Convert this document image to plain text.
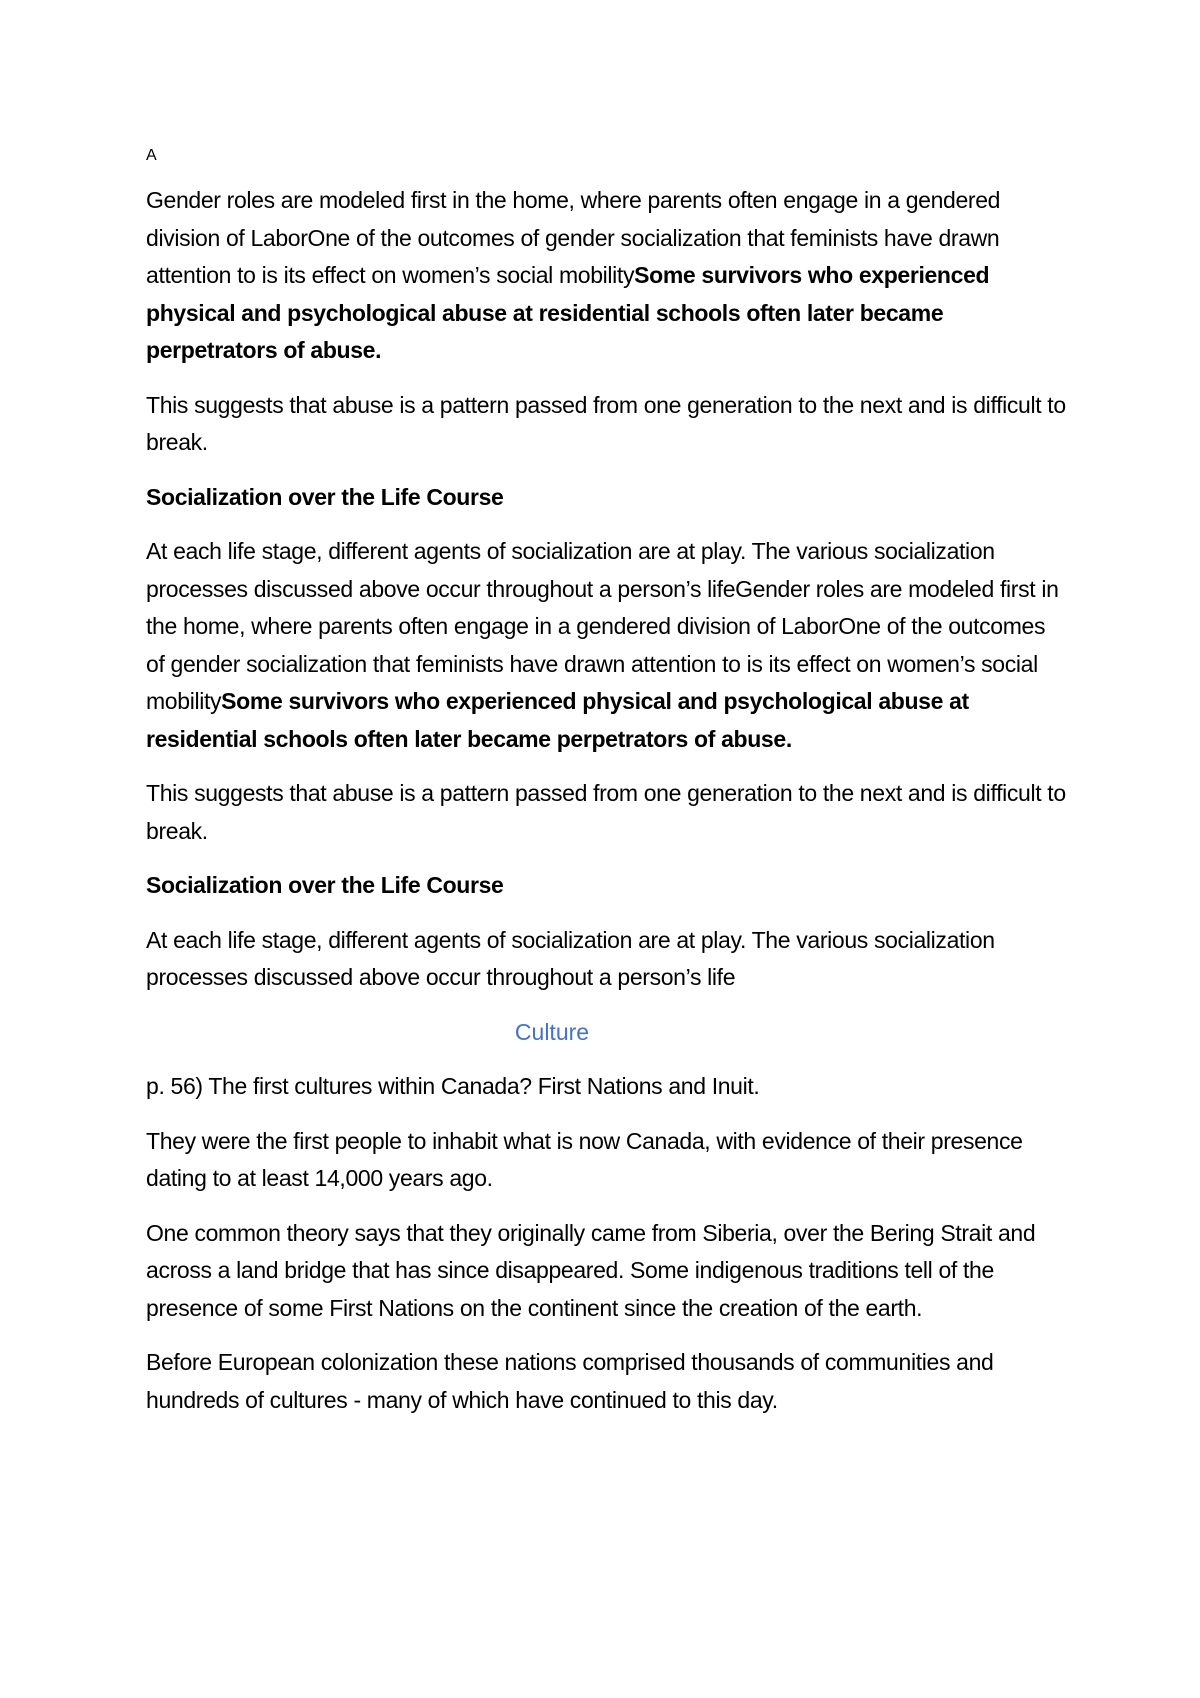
A

Gender roles are modeled first in the home, where parents often engage in a gendered division of LaborOne of the outcomes of gender socialization that feminists have drawn attention to is its effect on women’s social mobilitySome survivors who experienced physical and psychological abuse at residential schools often later became perpetrators of abuse.

This suggests that abuse is a pattern passed from one generation to the next and is difficult to break.

Socialization over the Life Course

At each life stage, different agents of socialization are at play. The various socialization processes discussed above occur throughout a person’s lifeGender roles are modeled first in the home, where parents often engage in a gendered division of LaborOne of the outcomes of gender socialization that feminists have drawn attention to is its effect on women’s social mobilitySome survivors who experienced physical and psychological abuse at residential schools often later became perpetrators of abuse.

This suggests that abuse is a pattern passed from one generation to the next and is difficult to break.

Socialization over the Life Course

At each life stage, different agents of socialization are at play. The various socialization processes discussed above occur throughout a person’s life

Culture

p. 56) The first cultures within Canada? First Nations and Inuit.

They were the first people to inhabit what is now Canada, with evidence of their presence dating to at least 14,000 years ago.

One common theory says that they originally came from Siberia, over the Bering Strait and across a land bridge that has since disappeared. Some indigenous traditions tell of the presence of some First Nations on the continent since the creation of the earth.

Before European colonization these nations comprised thousands of communities and hundreds of cultures - many of which have continued to this day.
